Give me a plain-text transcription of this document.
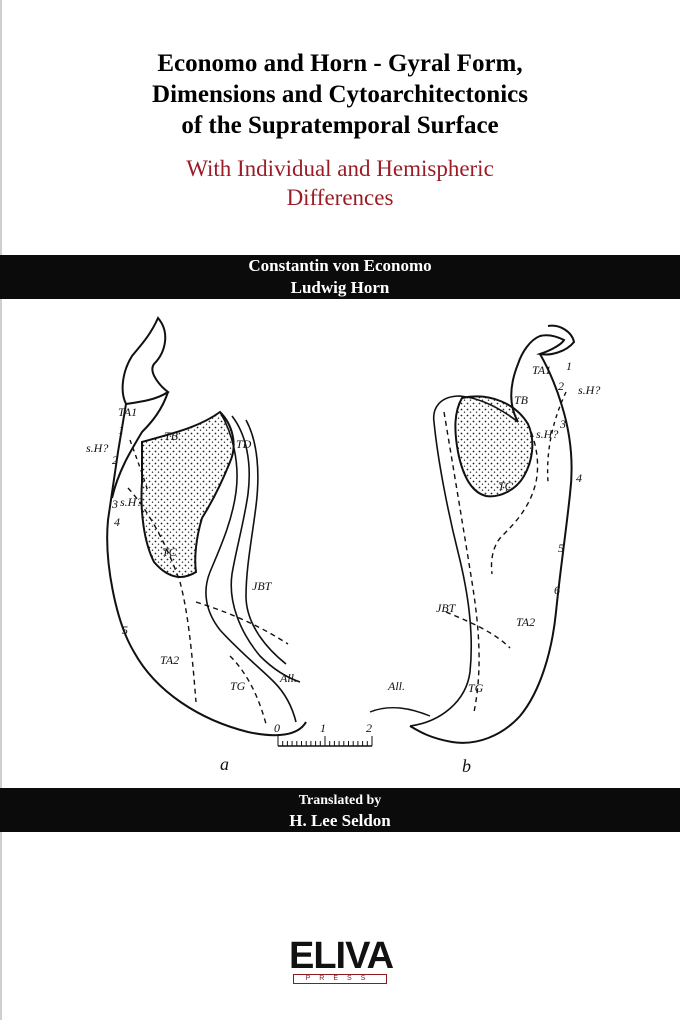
Economo and Horn - Gyral Form,
Dimensions and Cytoarchitectonics
of the Supratemporal Surface
With Individual and Hemispheric
Differences
Constantin von Economo
Ludwig Horn
TA1
TB
TD
s.H?
s.H?
1
2
3
4
5
TC
JBT
TA2
TG
All.
TA1
TB
s.H?
s.H?
1
2
3
4
5
6
TC
JBT
TA2
All.	TG
0	1	2
a	b
Translated by
H. Lee Seldon
ELIVA
PRESS
